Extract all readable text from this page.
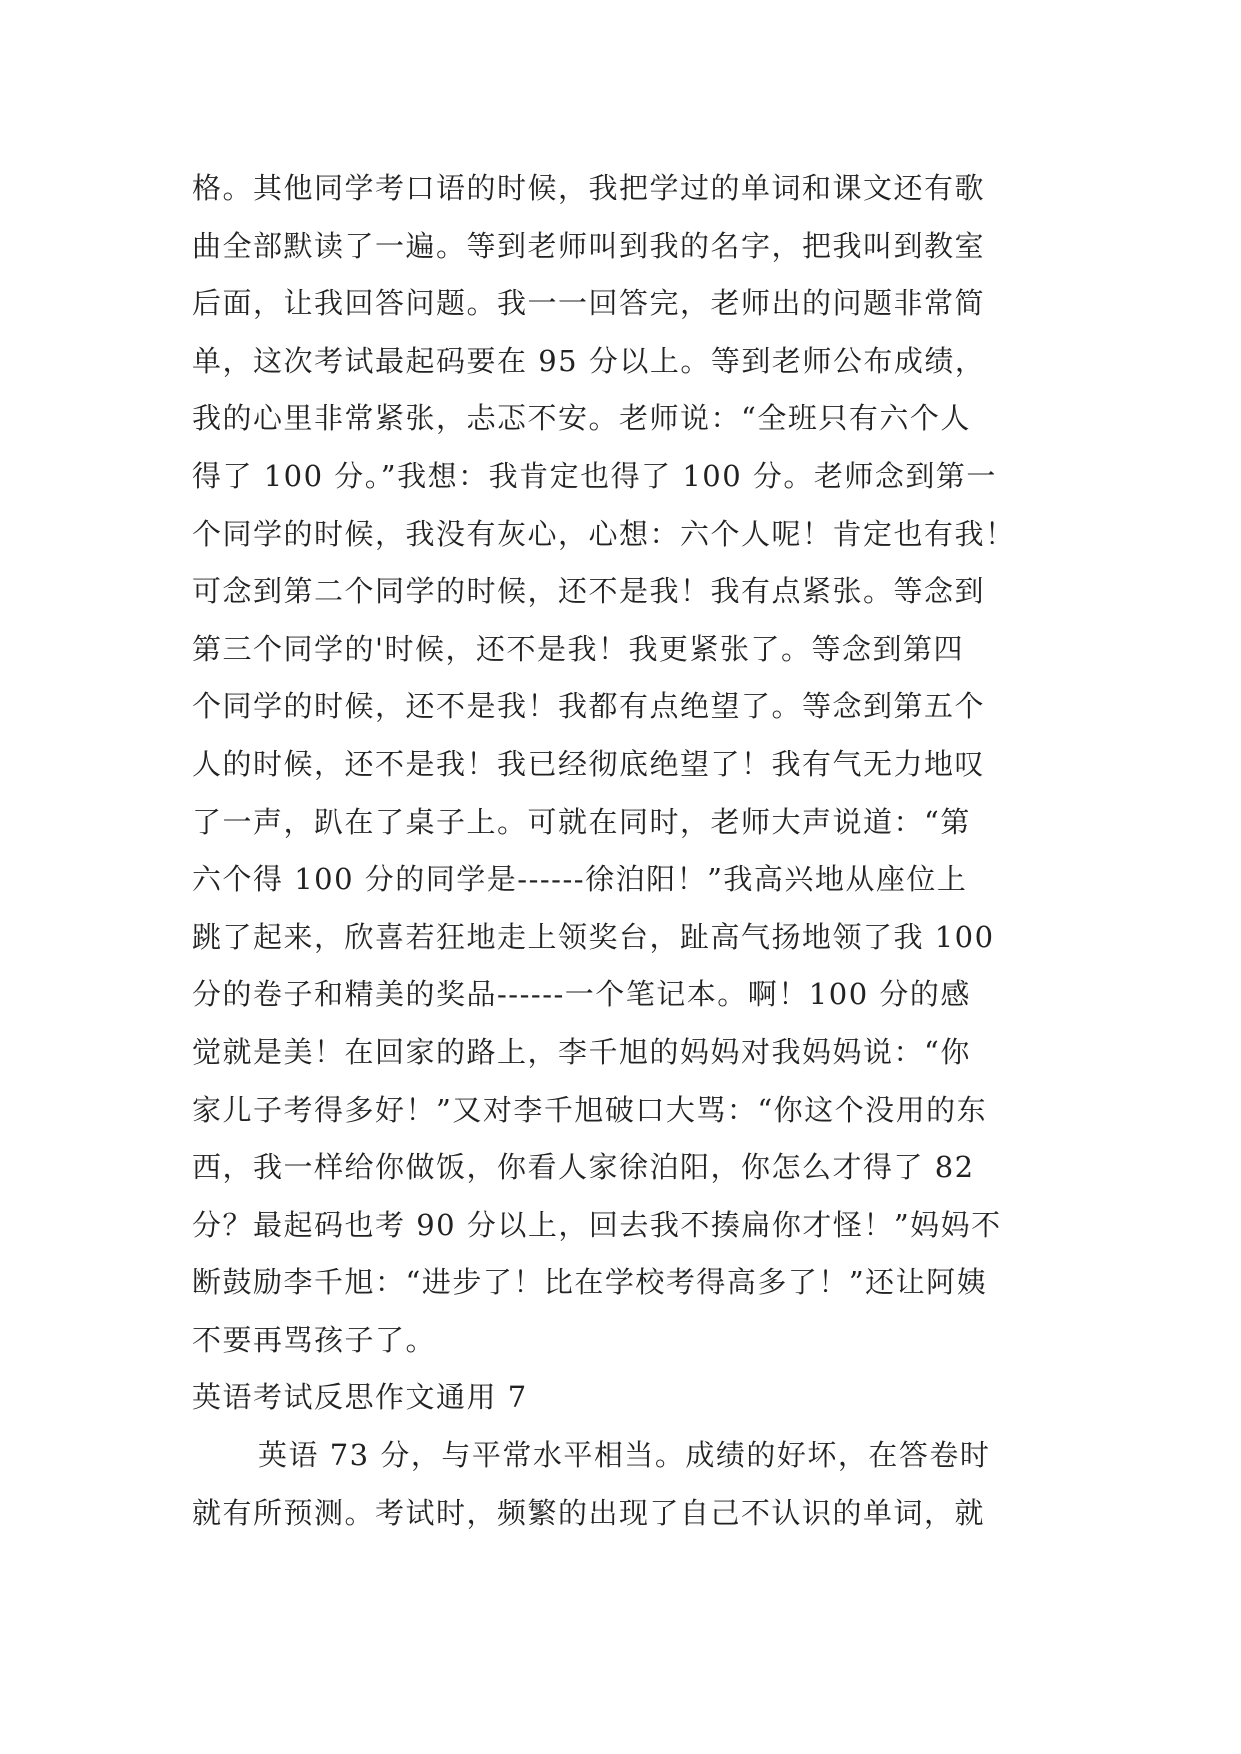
格。其他同学考口语的时候，我把学过的单词和课文还有歌
曲全部默读了一遍。等到老师叫到我的名字，把我叫到教室
后面，让我回答问题。我一一回答完，老师出的问题非常简
单，这次考试最起码要在 95 分以上。等到老师公布成绩，
我的心里非常紧张，忐忑不安。老师说：“全班只有六个人
得了 100 分。”我想：我肯定也得了 100 分。老师念到第一
个同学的时候，我没有灰心，心想：六个人呢！肯定也有我！
可念到第二个同学的时候，还不是我！我有点紧张。等念到
第三个同学的'时候，还不是我！我更紧张了。等念到第四
个同学的时候，还不是我！我都有点绝望了。等念到第五个
人的时候，还不是我！我已经彻底绝望了！我有气无力地叹
了一声，趴在了桌子上。可就在同时，老师大声说道：“第
六个得 100 分的同学是------徐泊阳！”我高兴地从座位上
跳了起来，欣喜若狂地走上领奖台，趾高气扬地领了我 100
分的卷子和精美的奖品------一个笔记本。啊！100 分的感
觉就是美！在回家的路上，李千旭的妈妈对我妈妈说：“你
家儿子考得多好！”又对李千旭破口大骂：“你这个没用的东
西，我一样给你做饭，你看人家徐泊阳，你怎么才得了 82
分？最起码也考 90 分以上，回去我不揍扁你才怪！”妈妈不
断鼓励李千旭：“进步了！比在学校考得高多了！”还让阿姨
不要再骂孩子了。
英语考试反思作文通用 7
英语 73 分，与平常水平相当。成绩的好坏，在答卷时
就有所预测。考试时，频繁的出现了自己不认识的单词，就
